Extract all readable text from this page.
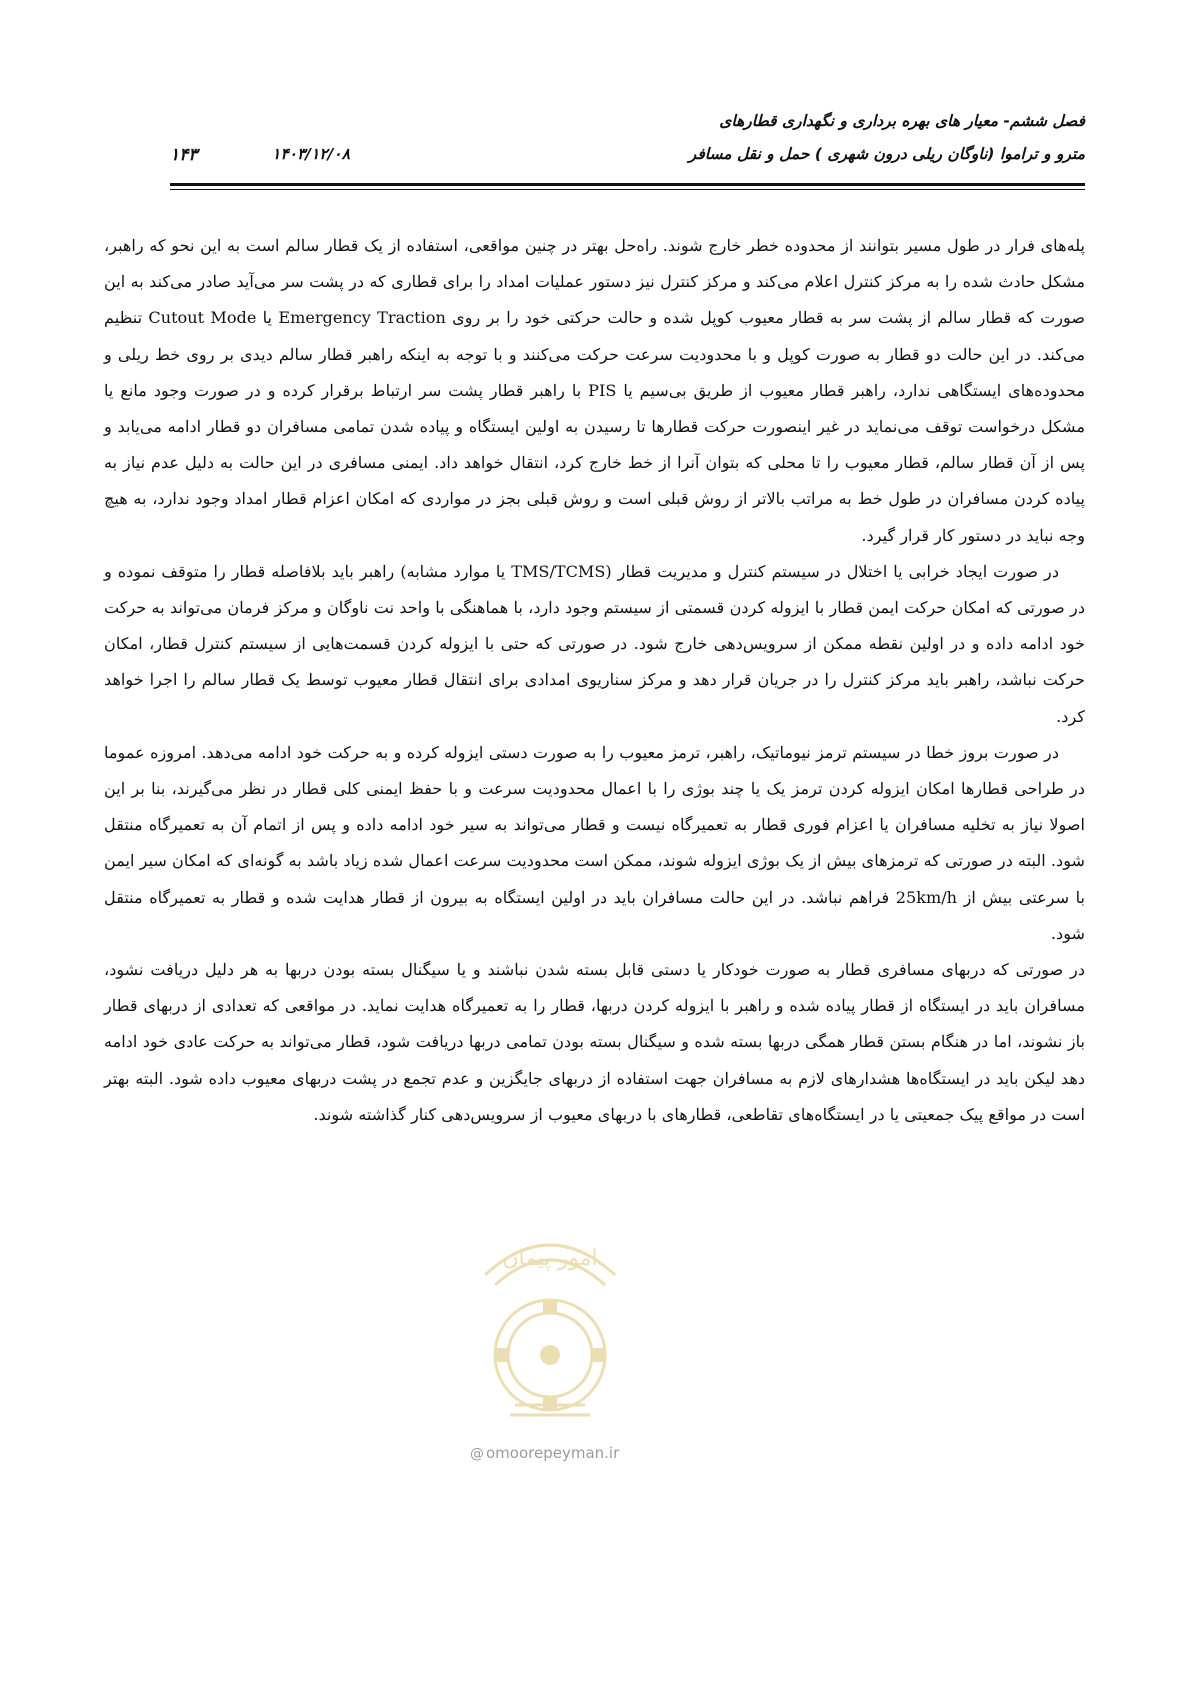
فصل ششم- معیار های بهره برداری و نگهداری قطارهای
مترو و تراموا (ناوگان ریلی درون شهری ) حمل و نقل مسافر
۱۴۰۳/۱۲/۰۸
۱۴۳

پله‌های فرار در طول مسیر بتوانند از محدوده خطر خارج شوند. راه‌حل بهتر در چنین مواقعی، استفاده از یک قطار سالم است به این نحو که راهبر، مشکل حادث شده را به مرکز کنترل اعلام می‌کند و مرکز کنترل نیز دستور عملیات امداد را برای قطاری که در پشت سر می‌آید صادر می‌کند به این صورت که قطار سالم از پشت سر به قطار معیوب کوپل شده و حالت حرکتی خود را بر روی Emergency Traction یا Cutout Mode تنظیم می‌کند. در این حالت دو قطار به صورت کوپل و با محدودیت سرعت حرکت می‌کنند و با توجه به اینکه راهبر قطار سالم دیدی بر روی خط ریلی و محدوده‌های ایستگاهی ندارد، راهبر قطار معیوب از طریق بی‌سیم یا PIS با راهبر قطار پشت سر ارتباط برقرار کرده و در صورت وجود مانع یا مشکل درخواست توقف می‌نماید در غیر اینصورت حرکت قطارها تا رسیدن به اولین ایستگاه و پیاده شدن تمامی مسافران دو قطار ادامه می‌یابد و پس از آن قطار سالم، قطار معیوب را تا محلی که بتوان آنرا از خط خارج کرد، انتقال خواهد داد. ایمنی مسافری در این حالت به دلیل عدم نیاز به پیاده کردن مسافران در طول خط به مراتب بالاتر از روش قبلی است و روش قبلی بجز در مواردی که امکان اعزام قطار امداد وجود ندارد، به هیچ وجه نباید در دستور کار قرار گیرد.

در صورت ایجاد خرابی یا اختلال در سیستم کنترل و مدیریت قطار (TMS/TCMS یا موارد مشابه) راهبر باید بلافاصله قطار را متوقف نموده و در صورتی که امکان حرکت ایمن قطار با ایزوله کردن قسمتی از سیستم وجود دارد، با هماهنگی با واحد نت ناوگان و مرکز فرمان می‌تواند به حرکت خود ادامه داده و در اولین نقطه ممکن از سرویس‌دهی خارج شود. در صورتی که حتی با ایزوله کردن قسمت‌هایی از سیستم کنترل قطار، امکان حرکت نباشد، راهبر باید مرکز کنترل را در جریان قرار دهد و مرکز سناریوی امدادی برای انتقال قطار معیوب توسط یک قطار سالم را اجرا خواهد کرد.

در صورت بروز خطا در سیستم ترمز نیوماتیک، راهبر، ترمز معیوب را به صورت دستی ایزوله کرده و به حرکت خود ادامه می‌دهد. امروزه عموما در طراحی قطارها امکان ایزوله کردن ترمز یک یا چند بوژی را با اعمال محدودیت سرعت و با حفظ ایمنی کلی قطار در نظر می‌گیرند، بنا بر این اصولا نیاز به تخلیه مسافران یا اعزام فوری قطار به تعمیرگاه نیست و قطار می‌تواند به سیر خود ادامه داده و پس از اتمام آن به تعمیرگاه منتقل شود. البته در صورتی که ترمزهای بیش از یک بوژی ایزوله شوند، ممکن است محدودیت سرعت اعمال شده زیاد باشد به گونه‌ای که امکان سیر ایمن با سرعتی بیش از 25km/h فراهم نباشد. در این حالت مسافران باید در اولین ایستگاه به بیرون از قطار هدایت شده و قطار به تعمیرگاه منتقل شود.

در صورتی که دربهای مسافری قطار به صورت خودکار یا دستی قابل بسته شدن نباشند و یا سیگنال بسته بودن دربها به هر دلیل دریافت نشود، مسافران باید در ایستگاه از قطار پیاده شده و راهبر با ایزوله کردن دربها، قطار را به تعمیرگاه هدایت نماید. در مواقعی که تعدادی از دربهای قطار باز نشوند، اما در هنگام بستن قطار همگی دربها بسته شده و سیگنال بسته بودن تمامی دربها دریافت شود، قطار می‌تواند به حرکت عادی خود ادامه دهد لیکن باید در ایستگاه‌ها هشدارهای لازم به مسافران جهت استفاده از دربهای جایگزین و عدم تجمع در پشت دربهای معیوب داده شود. البته بهتر است در مواقع پیک جمعیتی یا در ایستگاه‌های تقاطعی، قطارهای با دربهای معیوب از سرویس‌دهی کنار گذاشته شوند.

امور پیمان
@ omoorepeyman.ir
